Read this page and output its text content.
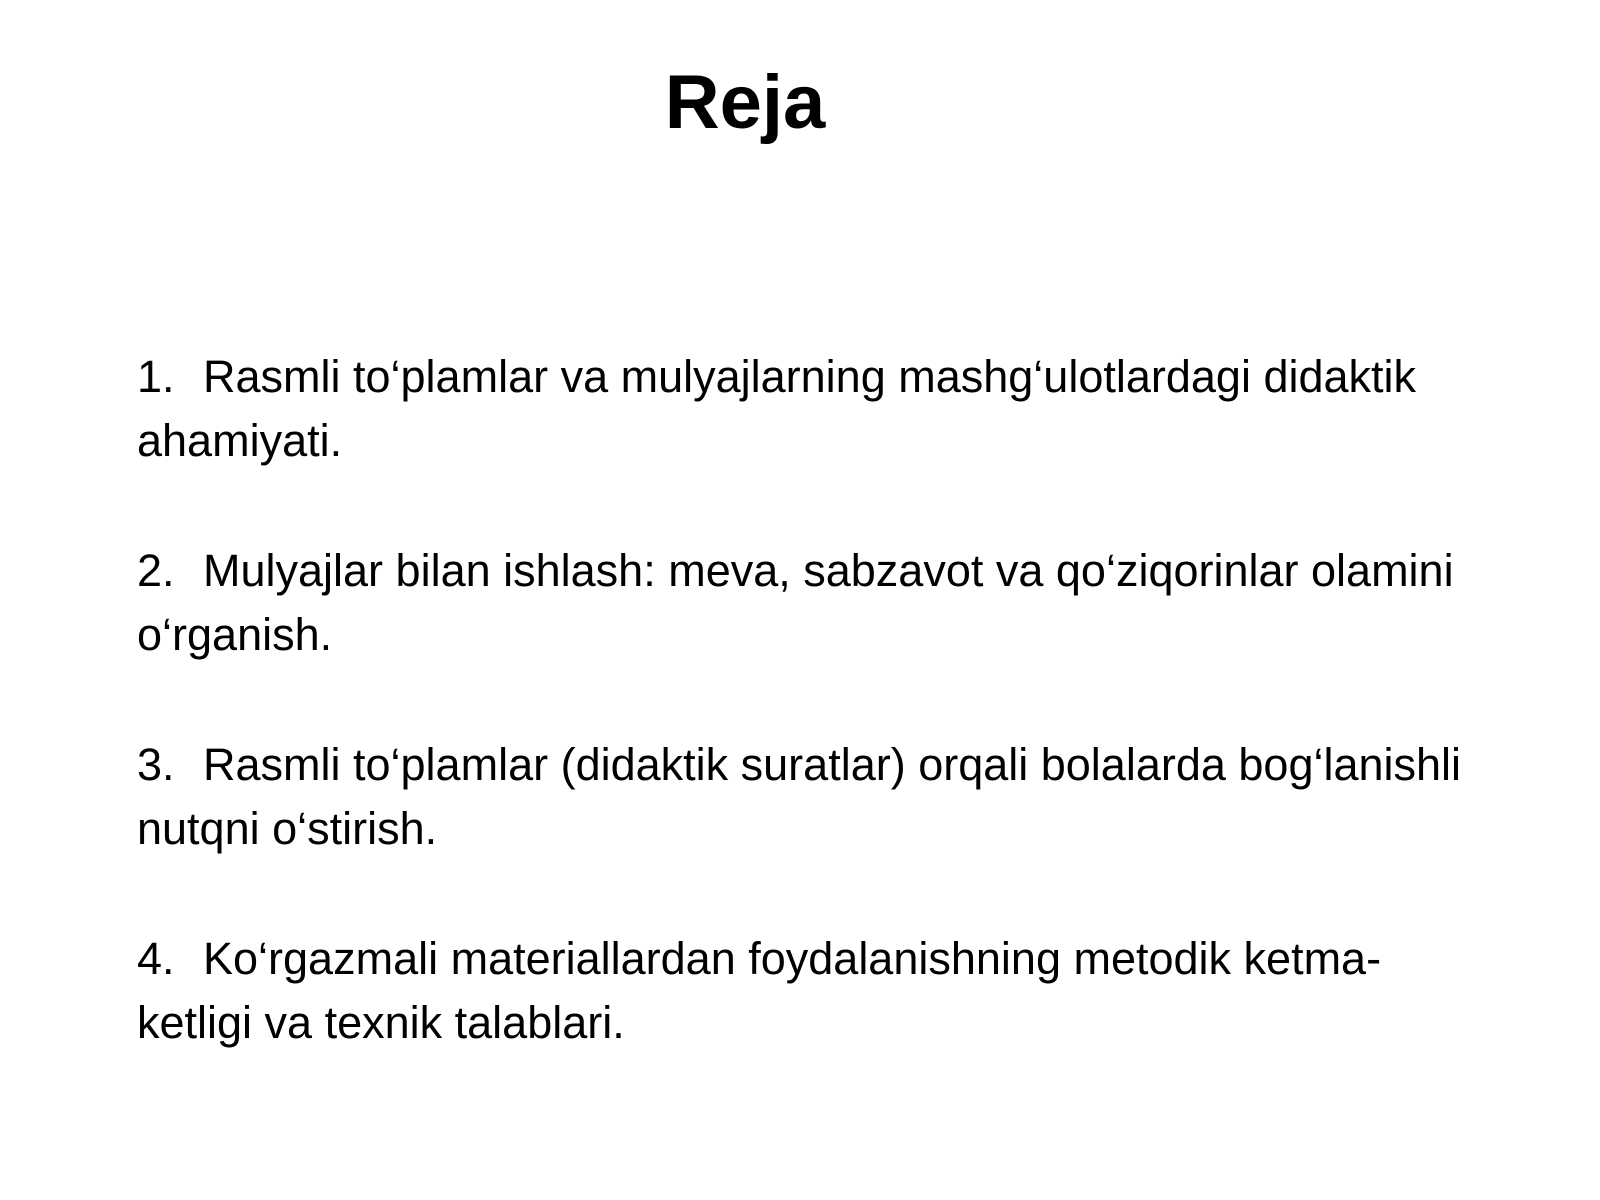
Reja
1. Rasmli to‘plamlar va mulyajlarning mashg‘ulotlardagi didaktik ahamiyati.
2. Mulyajlar bilan ishlash: meva, sabzavot va qo‘ziqorinlar olamini o‘rganish.
3. Rasmli to‘plamlar (didaktik suratlar) orqali bolalarda bog‘lanishli nutqni o‘stirish.
4. Ko‘rgazmali materiallardan foydalanishning metodik ketma-ketligi va texnik talablari.
